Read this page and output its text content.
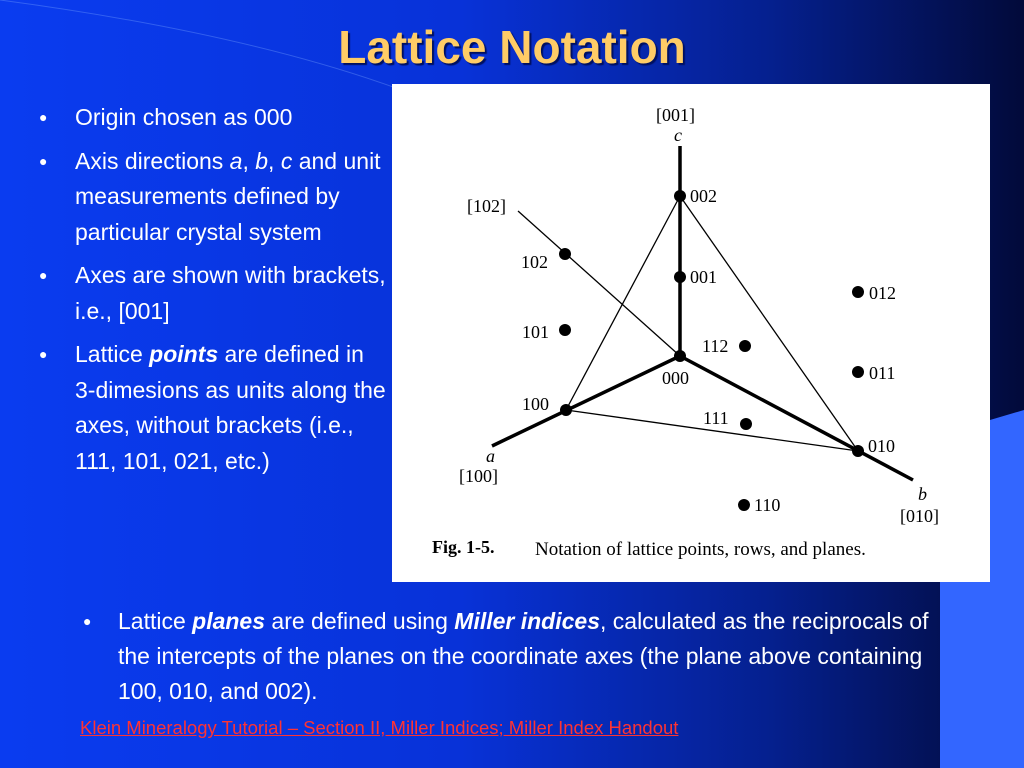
Lattice Notation
● Origin chosen as 000
● Axis directions a, b, c and unit measurements defined by particular crystal system
● Axes are shown with brackets, i.e., [001]
● Lattice points are defined in 3-dimesions as units along the axes, without brackets (i.e., 111, 101, 021, etc.)
[001]
c
[102]	002
001
000
100
010
102
101
112
111
012
011
110
a
[100]
b
[010]
Fig. 1-5. Notation of lattice points, rows, and planes.
● Lattice planes are defined using Miller indices, calculated as the reciprocals of the intercepts of the planes on the coordinate axes (the plane above containing 100, 010, and 002).
Klein Mineralogy Tutorial – Section II, Miller Indices; Miller Index Handout
